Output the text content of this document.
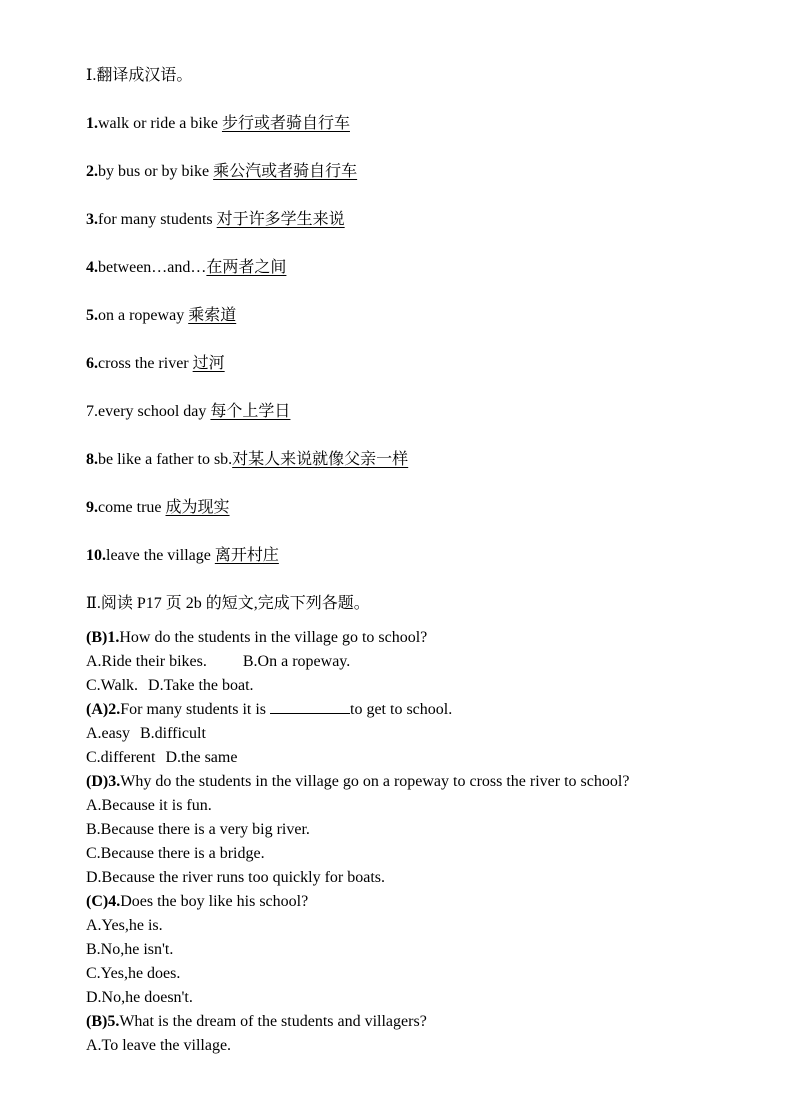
Ⅰ.翻译成汉语。
1.walk or ride a bike 步行或者骑自行车
2.by bus or by bike 乘公汽或者骑自行车
3.for many students 对于许多学生来说
4.between…and…在两者之间
5.on a ropeway 乘索道
6.cross the river 过河
7.every school day 每个上学日
8.be like a father to sb.对某人来说就像父亲一样
9.come true 成为现实
10.leave the village 离开村庄
Ⅱ.阅读 P17 页 2b 的短文,完成下列各题。
(B)1.How do the students in the village go to school?
A.Ride their bikes. B.On a ropeway.
C.Walk. D.Take the boat.
(A)2.For many students it is	to get to school.
A.easy B.difficult
C.different D.the same
(D)3.Why do the students in the village go on a ropeway to cross the river to school?
A.Because it is fun.
B.Because there is a very big river.
C.Because there is a bridge.
D.Because the river runs too quickly for boats.
(C)4.Does the boy like his school?
A.Yes,he is.
B.No,he isn't.
C.Yes,he does.
D.No,he doesn't.
(B)5.What is the dream of the students and villagers?
A.To leave the village.
